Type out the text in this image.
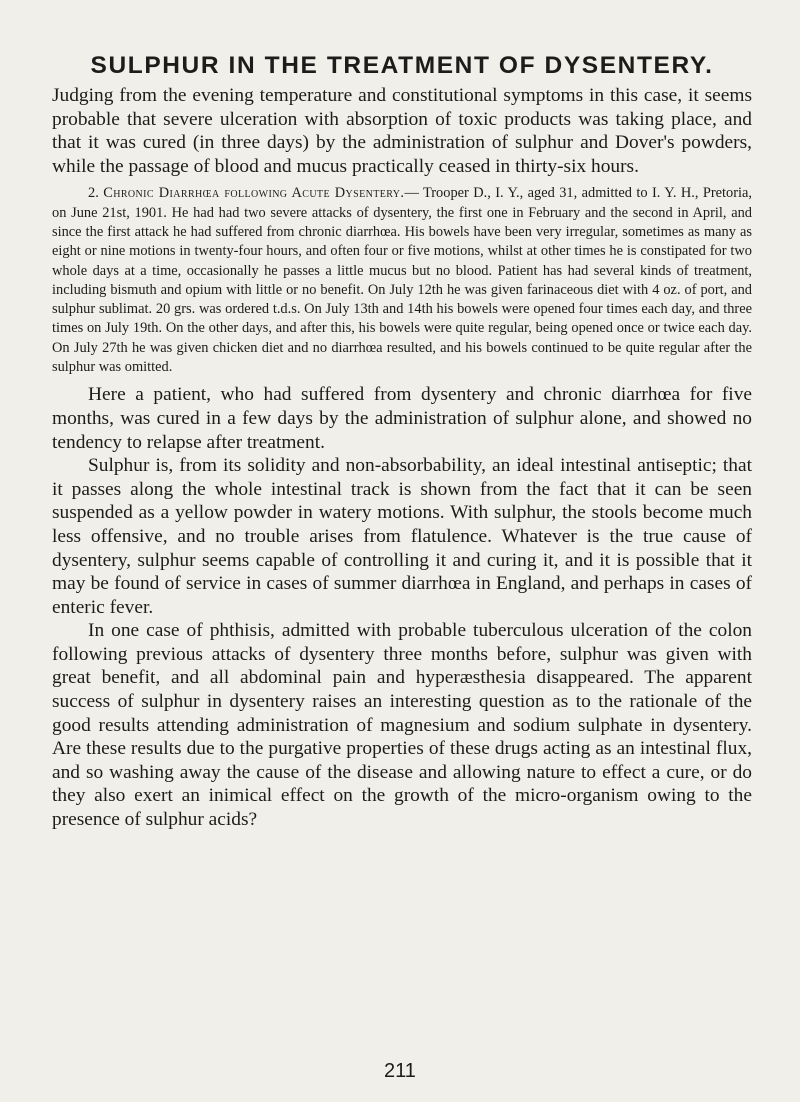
SULPHUR IN THE TREATMENT OF DYSENTERY.

Judging from the evening temperature and constitutional symptoms in this case, it seems probable that severe ulceration with absorption of toxic products was taking place, and that it was cured (in three days) by the administration of sulphur and Dover's powders, while the passage of blood and mucus practically ceased in thirty-six hours.

2. Chronic Diarrhœa following Acute Dysentery.— Trooper D., I. Y., aged 31, admitted to I. Y. H., Pretoria, on June 21st, 1901. He had had two severe attacks of dysentery, the first one in February and the second in April, and since the first attack he had suffered from chronic diarrhœa. His bowels have been very irregular, sometimes as many as eight or nine motions in twenty-four hours, and often four or five motions, whilst at other times he is constipated for two whole days at a time, occasionally he passes a little mucus but no blood. Patient has had several kinds of treatment, including bismuth and opium with little or no benefit. On July 12th he was given farinaceous diet with 4 oz. of port, and sulphur sublimat. 20 grs. was ordered t.d.s. On July 13th and 14th his bowels were opened four times each day, and three times on July 19th. On the other days, and after this, his bowels were quite regular, being opened once or twice each day. On July 27th he was given chicken diet and no diarrhœa resulted, and his bowels continued to be quite regular after the sulphur was omitted.

Here a patient, who had suffered from dysentery and chronic diarrhœa for five months, was cured in a few days by the administration of sulphur alone, and showed no tendency to relapse after treatment.

Sulphur is, from its solidity and non-absorbability, an ideal intestinal antiseptic; that it passes along the whole intestinal track is shown from the fact that it can be seen suspended as a yellow powder in watery motions. With sulphur, the stools become much less offensive, and no trouble arises from flatulence. Whatever is the true cause of dysentery, sulphur seems capable of controlling it and curing it, and it is possible that it may be found of service in cases of summer diarrhœa in England, and perhaps in cases of enteric fever.

In one case of phthisis, admitted with probable tuberculous ulceration of the colon following previous attacks of dysentery three months before, sulphur was given with great benefit, and all abdominal pain and hyperæsthesia disappeared. The apparent success of sulphur in dysentery raises an interesting question as to the rationale of the good results attending administration of magnesium and sodium sulphate in dysentery. Are these results due to the purgative properties of these drugs acting as an intestinal flux, and so washing away the cause of the disease and allowing nature to effect a cure, or do they also exert an inimical effect on the growth of the micro-organism owing to the presence of sulphur acids?

211
